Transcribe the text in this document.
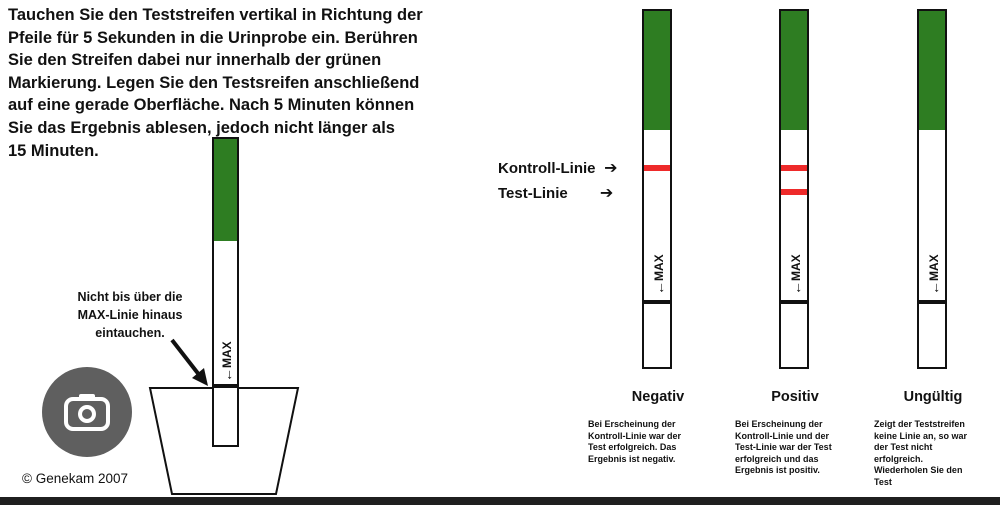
Tauchen Sie den Teststreifen vertikal in Richtung der
Pfeile für 5 Sekunden in die Urinprobe ein. Berühren
Sie den Streifen dabei nur innerhalb der grünen
Markierung. Legen Sie den Testsreifen anschließend
auf eine gerade Oberfläche. Nach 5 Minuten können
Sie das Ergebnis ablesen, jedoch nicht länger als
15 Minuten.
←
MAX
Nicht bis über die
MAX-Linie hinaus
eintauchen.
© Genekam 2007
Kontroll-Linie  ➔
Test-Linie ➔
←
MAX
←
MAX
←
MAX
Negativ	Positiv	Ungültig
Bei Erscheinung der
Kontroll-Linie war der
Test erfolgreich. Das
Ergebnis ist negativ.
Bei Erscheinung der
Kontroll-Linie und der
Test-Linie war der Test
erfolgreich und das
Ergebnis ist positiv.
Zeigt der Teststreifen
keine Linie an, so war
der Test nicht
erfolgreich.
Wiederholen Sie den
Test
